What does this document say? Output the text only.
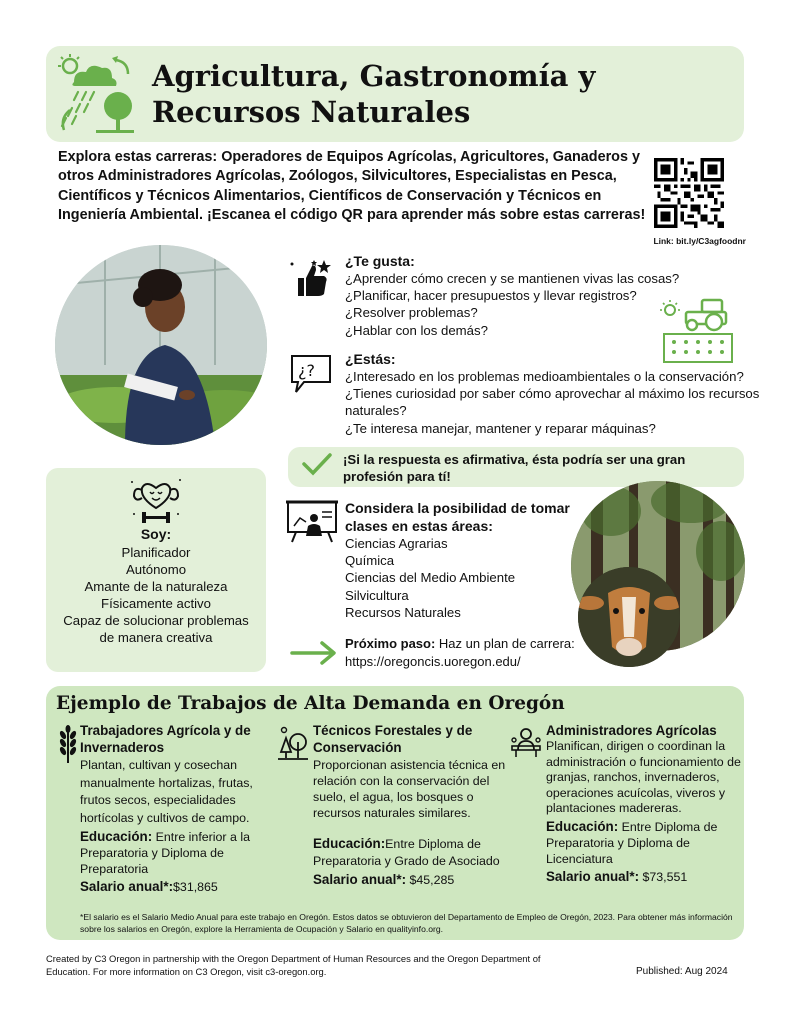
Agricultura, Gastronomía y
Recursos Naturales
Explora estas carreras: Operadores de Equipos Agrícolas, Agricultores, Ganaderos y otros Administradores Agrícolas, Zoólogos, Silvicultores, Especialistas en Pesca, Científicos y Técnicos Alimentarios, Científicos de Conservación y Técnicos en Ingeniería Ambiental. ¡Escanea el código QR para aprender más sobre estas carreras!
Link: bit.ly/C3agfoodnr
¿Te gusta:
¿Aprender cómo crecen y se mantienen vivas las cosas?
¿Planificar, hacer presupuestos y llevar registros?
¿Resolver problemas?
¿Hablar con los demás?
¿?
¿Estás:
¿Interesado en los problemas medioambientales o la conservación?
¿Tienes curiosidad por saber cómo aprovechar al máximo los recursos naturales?
¿Te interesa manejar, mantener y reparar máquinas?
¡Si la respuesta es afirmativa, ésta podría ser una gran profesión para tí!
Soy:
Planificador
Autónomo
Amante de la naturaleza
Físicamente activo
Capaz de solucionar problemas de manera creativa
Considera la posibilidad de tomar clases en estas áreas:
Ciencias Agrarias
Química
Ciencias del Medio Ambiente
Silvicultura
Recursos Naturales
Próximo paso: Haz un plan de carrera:
https://oregoncis.uoregon.edu/
Ejemplo de Trabajos de Alta Demanda en Oregón
Trabajadores Agrícola y de Invernaderos
Plantan, cultivan y cosechan manualmente hortalizas, frutas, frutos secos, especialidades hortícolas y cultivos de campo.
Educación: Entre inferior a la Preparatoria y Diploma de Preparatoria
Salario anual*:$31,865
Técnicos Forestales y de Conservación
Proporcionan asistencia técnica en relación con la conservación del suelo, el agua, los bosques o recursos naturales similares.
Educación:Entre Diploma de Preparatoria y Grado de Asociado
Salario anual*: $45,285
Administradores Agrícolas
Planifican, dirigen o coordinan la administración o funcionamiento de granjas, ranchos, invernaderos, operaciones acuícolas, viveros y plantaciones madereras.
Educación: Entre Diploma de Preparatoria y Diploma de Licenciatura
Salario anual*: $73,551
*El salario es el Salario Medio Anual para este trabajo en Oregón. Estos datos se obtuvieron del Departamento de Empleo de Oregón, 2023. Para obtener más información sobre los salarios en Oregón, explore la Herramienta de Ocupación y Salario en qualityinfo.org.
Created by C3 Oregon in partnership with the Oregon Department of Human Resources and the Oregon Department of Education. For more information on C3 Oregon, visit c3-oregon.org.	Published: Aug 2024
